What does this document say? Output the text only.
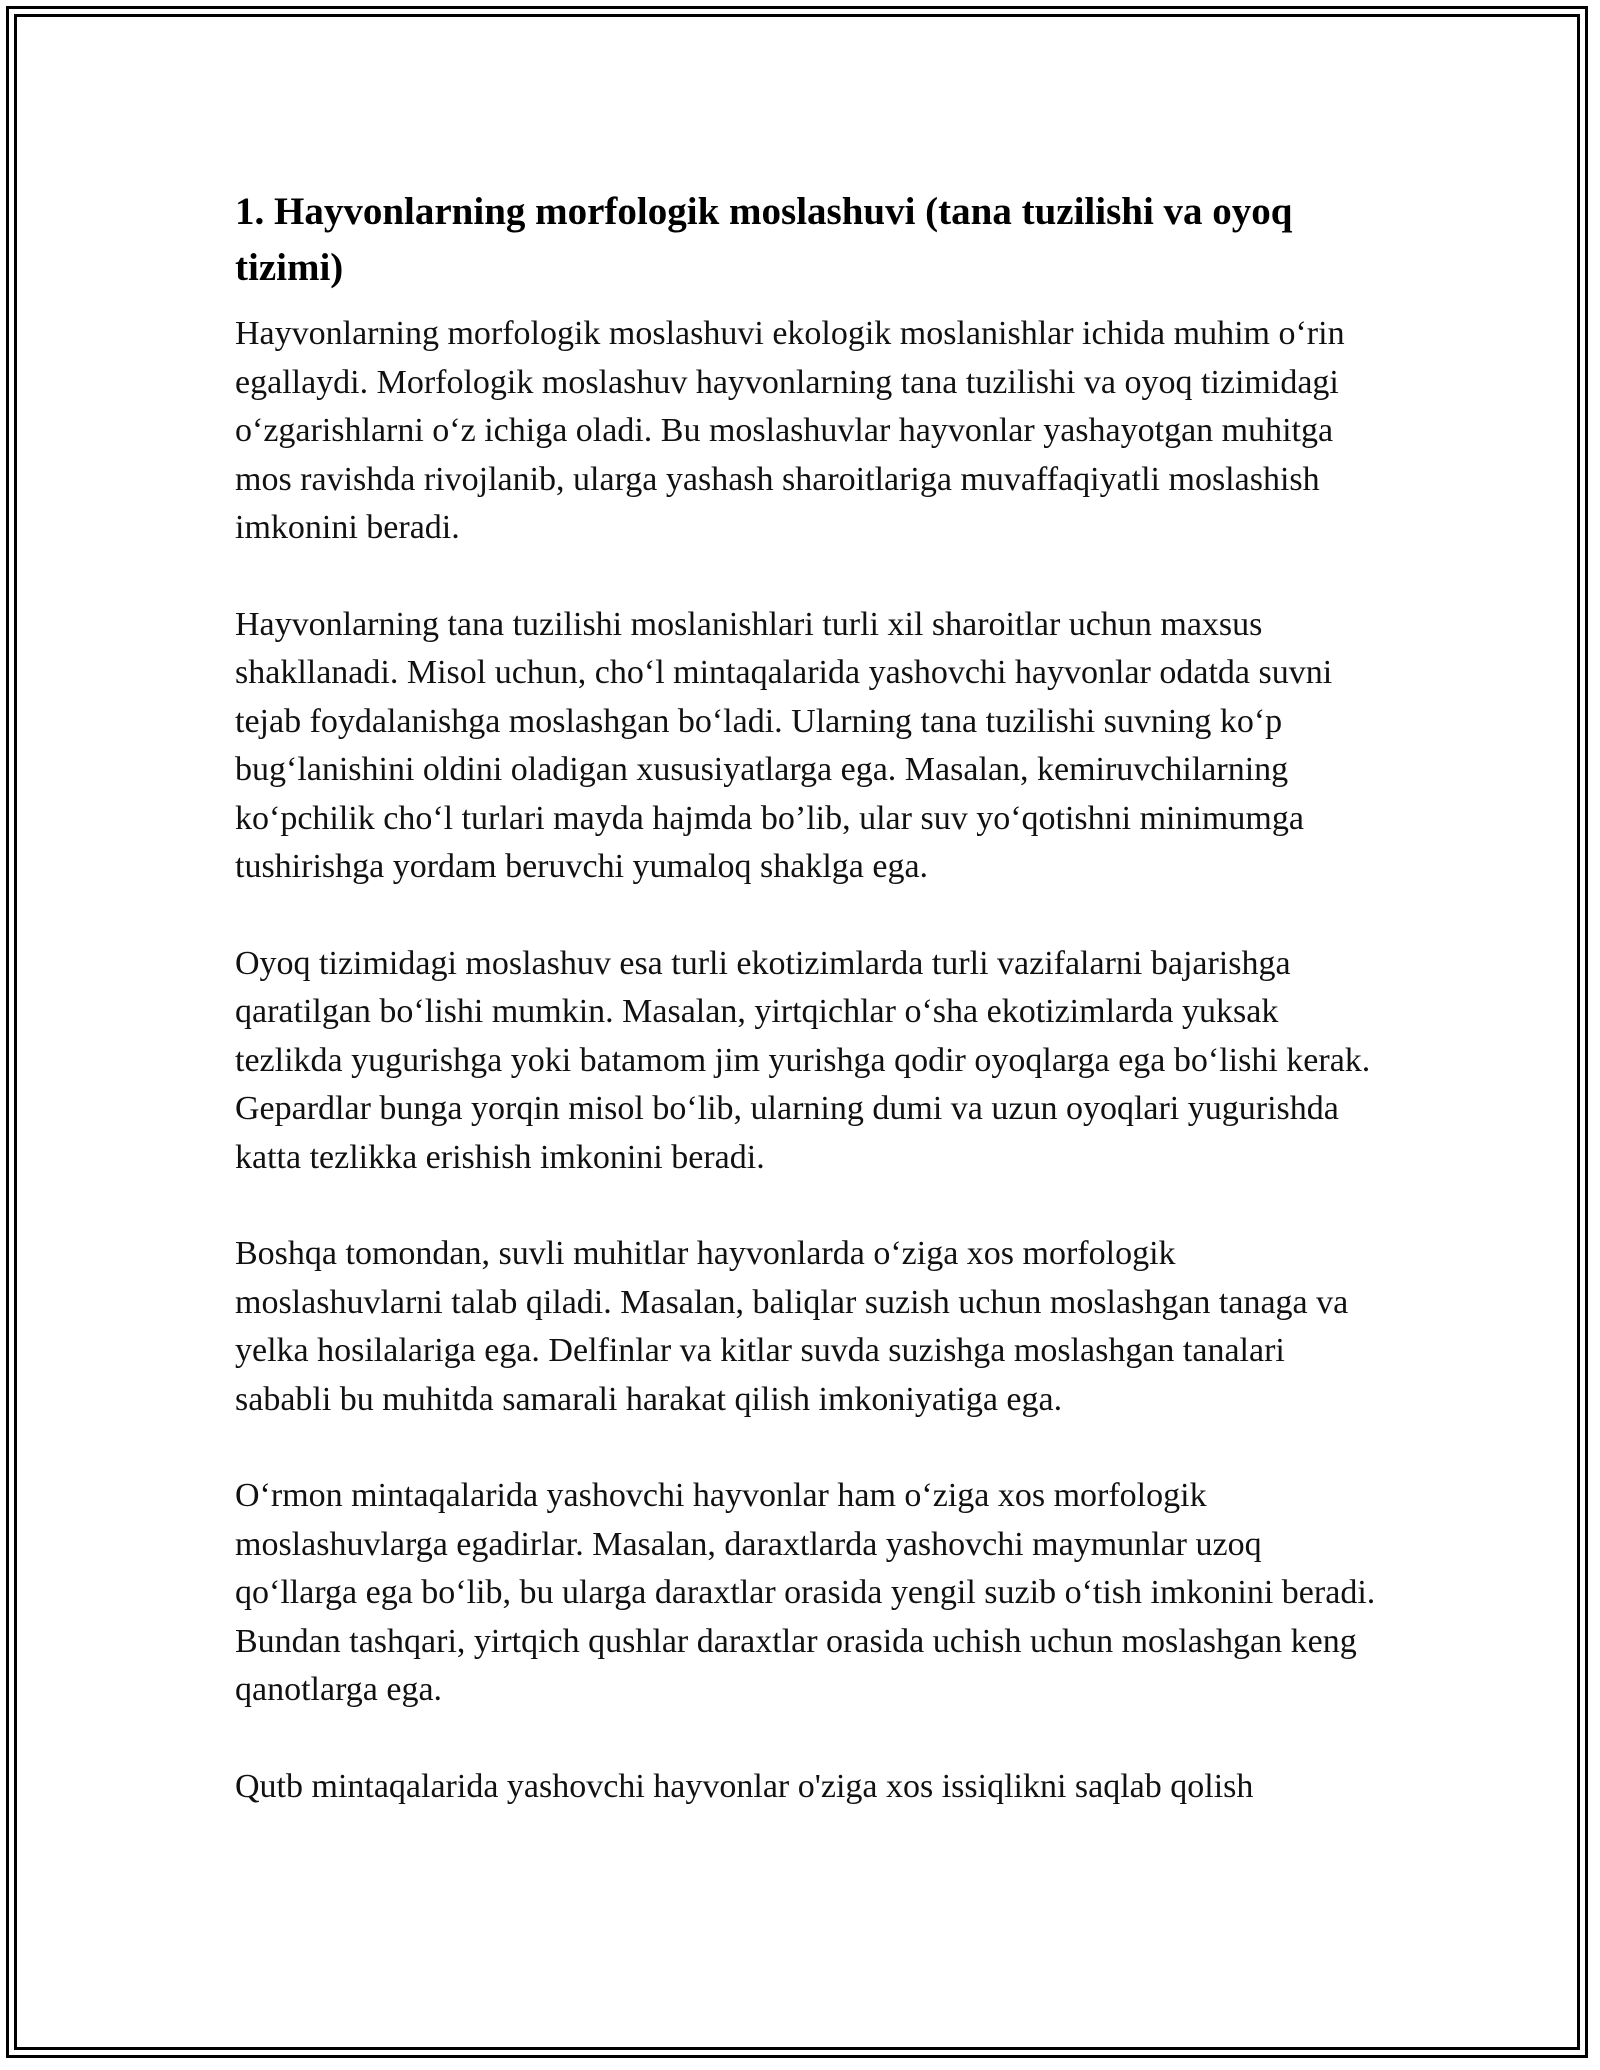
1. Hayvonlarning morfologik moslashuvi (tana tuzilishi va oyoq tizimi)

Hayvonlarning morfologik moslashuvi ekologik moslanishlar ichida muhim o‘rin egallaydi. Morfologik moslashuv hayvonlarning tana tuzilishi va oyoq tizimidagi o‘zgarishlarni o‘z ichiga oladi. Bu moslashuvlar hayvonlar yashayotgan muhitga mos ravishda rivojlanib, ularga yashash sharoitlariga muvaffaqiyatli moslashish imkonini beradi.

Hayvonlarning tana tuzilishi moslanishlari turli xil sharoitlar uchun maxsus shakllanadi. Misol uchun, cho‘l mintaqalarida yashovchi hayvonlar odatda suvni tejab foydalanishga moslashgan bo‘ladi. Ularning tana tuzilishi suvning ko‘p bug‘lanishini oldini oladigan xususiyatlarga ega. Masalan, kemiruvchilarning ko‘pchilik cho‘l turlari mayda hajmda bo’lib, ular suv yo‘qotishni minimumga tushirishga yordam beruvchi yumaloq shaklga ega.

Oyoq tizimidagi moslashuv esa turli ekotizimlarda turli vazifalarni bajarishga qaratilgan bo‘lishi mumkin. Masalan, yirtqichlar o‘sha ekotizimlarda yuksak tezlikda yugurishga yoki batamom jim yurishga qodir oyoqlarga ega bo‘lishi kerak. Gepardlar bunga yorqin misol bo‘lib, ularning dumi va uzun oyoqlari yugurishda katta tezlikka erishish imkonini beradi.

Boshqa tomondan, suvli muhitlar hayvonlarda o‘ziga xos morfologik moslashuvlarni talab qiladi. Masalan, baliqlar suzish uchun moslashgan tanaga va yelka hosilalariga ega. Delfinlar va kitlar suvda suzishga moslashgan tanalari sababli bu muhitda samarali harakat qilish imkoniyatiga ega.

O‘rmon mintaqalarida yashovchi hayvonlar ham o‘ziga xos morfologik moslashuvlarga egadirlar. Masalan, daraxtlarda yashovchi maymunlar uzoq qo‘llarga ega bo‘lib, bu ularga daraxtlar orasida yengil suzib o‘tish imkonini beradi. Bundan tashqari, yirtqich qushlar daraxtlar orasida uchish uchun moslashgan keng qanotlarga ega.

Qutb mintaqalarida yashovchi hayvonlar o'ziga xos issiqlikni saqlab qolish
